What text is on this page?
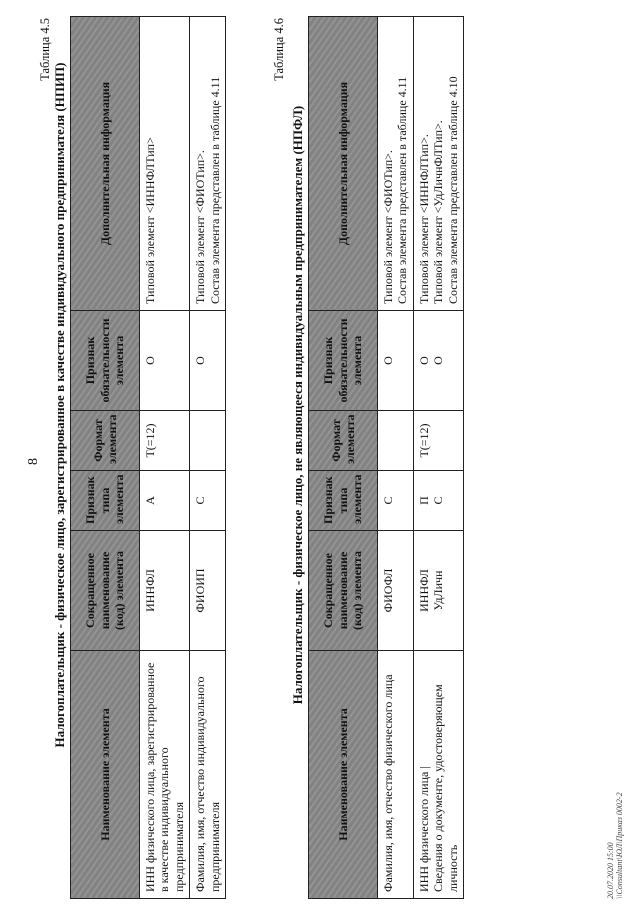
8
Таблица 4.5
Налогоплательщик - физическое лицо, зарегистрированное в качестве индивидуального предпринимателя (НПИП)
Наименование элемента	Сокращенное наименование (код) элемента	Признак типа элемента	Формат элемента	Признак обязательности элемента	Дополнительная информация
ИНН физического лица, зарегистрированное в качестве индивидуального предпринимателя	ИННФЛ	А	T(=12)	О	Типовой элемент <ИННФЛТип>

Фамилия, имя, отчество индивидуального предпринимателя	ФИОИП	С		О	Типовой элемент <ФИОТип>. Состав элемента представлен в таблице 4.11
Таблица 4.6
Налогоплательщик - физическое лицо, не являющееся индивидуальным предпринимателем (НПФЛ)
Наименование элемента	Сокращенное наименование (код) элемента	Признак типа элемента	Формат элемента	Признак обязательности элемента	Дополнительная информация
Фамилия, имя, отчество физического лица	ФИОФЛ	С		О	Типовой элемент <ФИОТип>. Состав элемента представлен в таблице 4.11

ИНН физического лица | Сведения о документе, удостоверяющем личность	ИННФЛ УдЛичн	П С	T(=12)	О О	Типовой элемент <ИННФЛТип>. Типовой элемент <УдЛичнФЛТип>. Состав элемента представлен в таблице 4.10
20.07.2020 15:00 \\Consultant\ЮЛ\Приказ 0002-2
